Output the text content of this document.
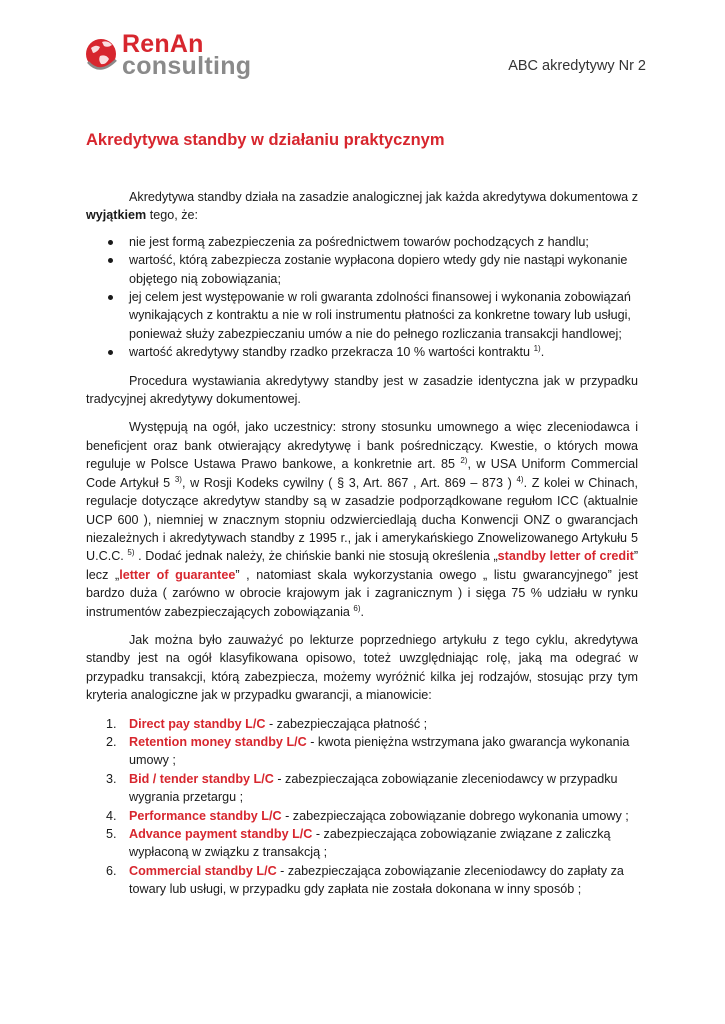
RenAn
consulting	ABC akredytywy Nr 2
Akredytywa standby w działaniu praktycznym

Akredytywa standby działa na zasadzie analogicznej jak każda akredytywa dokumentowa z wyjątkiem tego, że:

nie jest formą zabezpieczenia za pośrednictwem towarów pochodzących z handlu;
wartość, którą zabezpiecza zostanie wypłacona dopiero wtedy gdy nie nastąpi wykonanie objętego nią zobowiązania;
jej celem jest występowanie w roli gwaranta zdolności finansowej i wykonania zobowiązań wynikających z kontraktu a nie w roli instrumentu płatności za konkretne towary lub usługi, ponieważ służy zabezpieczaniu umów a nie do pełnego rozliczania transakcji handlowej;
wartość akredytywy standby rzadko przekracza 10 % wartości kontraktu $^{1)}$.

Procedura wystawiania akredytywy standby jest w zasadzie identyczna jak w przypadku tradycyjnej akredytywy dokumentowej.

Występują na ogół, jako uczestnicy: strony stosunku umownego a więc zleceniodawca i beneficjent oraz bank otwierający akredytywę i bank pośredniczący. Kwestie, o których mowa reguluje w Polsce Ustawa Prawo bankowe, a konkretnie art. 85 $^{2)}$, w USA Uniform Commercial Code Artykuł 5 $^{3)}$, w Rosji Kodeks cywilny ( § 3, Art. 867 , Art. 869 – 873 ) $^{4)}$. Z kolei w Chinach, regulacje dotyczące akredytyw standby są w zasadzie podporządkowane regułom ICC (aktualnie UCP 600 ), niemniej w znacznym stopniu odzwierciedlają ducha Konwencji ONZ o gwarancjach niezależnych i akredytywach standby z 1995 r., jak i amerykańskiego Znowelizowanego Artykułu 5 U.C.C. $^{5)}$ . Dodać jednak należy, że chińskie banki nie stosują określenia „standby letter of credit” lecz „letter of guarantee” , natomiast skala wykorzystania owego „ listu gwarancyjnego” jest bardzo duża ( zarówno w obrocie krajowym jak i zagranicznym ) i sięga 75 % udziału w rynku instrumentów zabezpieczających zobowiązania $^{6)}$.

Jak można było zauważyć po lekturze poprzedniego artykułu z tego cyklu, akredytywa standby jest na ogół klasyfikowana opisowo, toteż uwzględniając rolę, jaką ma odegrać w przypadku transakcji, którą zabezpiecza, możemy wyróżnić kilka jej rodzajów, stosując przy tym kryteria analogiczne jak w przypadku gwarancji, a mianowicie:

1. Direct pay standby L/C - zabezpieczająca płatność ;
2. Retention money standby L/C - kwota pieniężna wstrzymana jako gwarancja wykonania umowy ;
3. Bid / tender standby L/C - zabezpieczająca zobowiązanie zleceniodawcy w przypadku wygrania przetargu ;
4. Performance standby L/C - zabezpieczająca zobowiązanie dobrego wykonania umowy ;
5. Advance payment standby L/C - zabezpieczająca zobowiązanie związane z zaliczką wypłaconą w związku z transakcją ;
6. Commercial standby L/C - zabezpieczająca zobowiązanie zleceniodawcy do zapłaty za towary lub usługi, w przypadku gdy zapłata nie została dokonana w inny sposób ;
